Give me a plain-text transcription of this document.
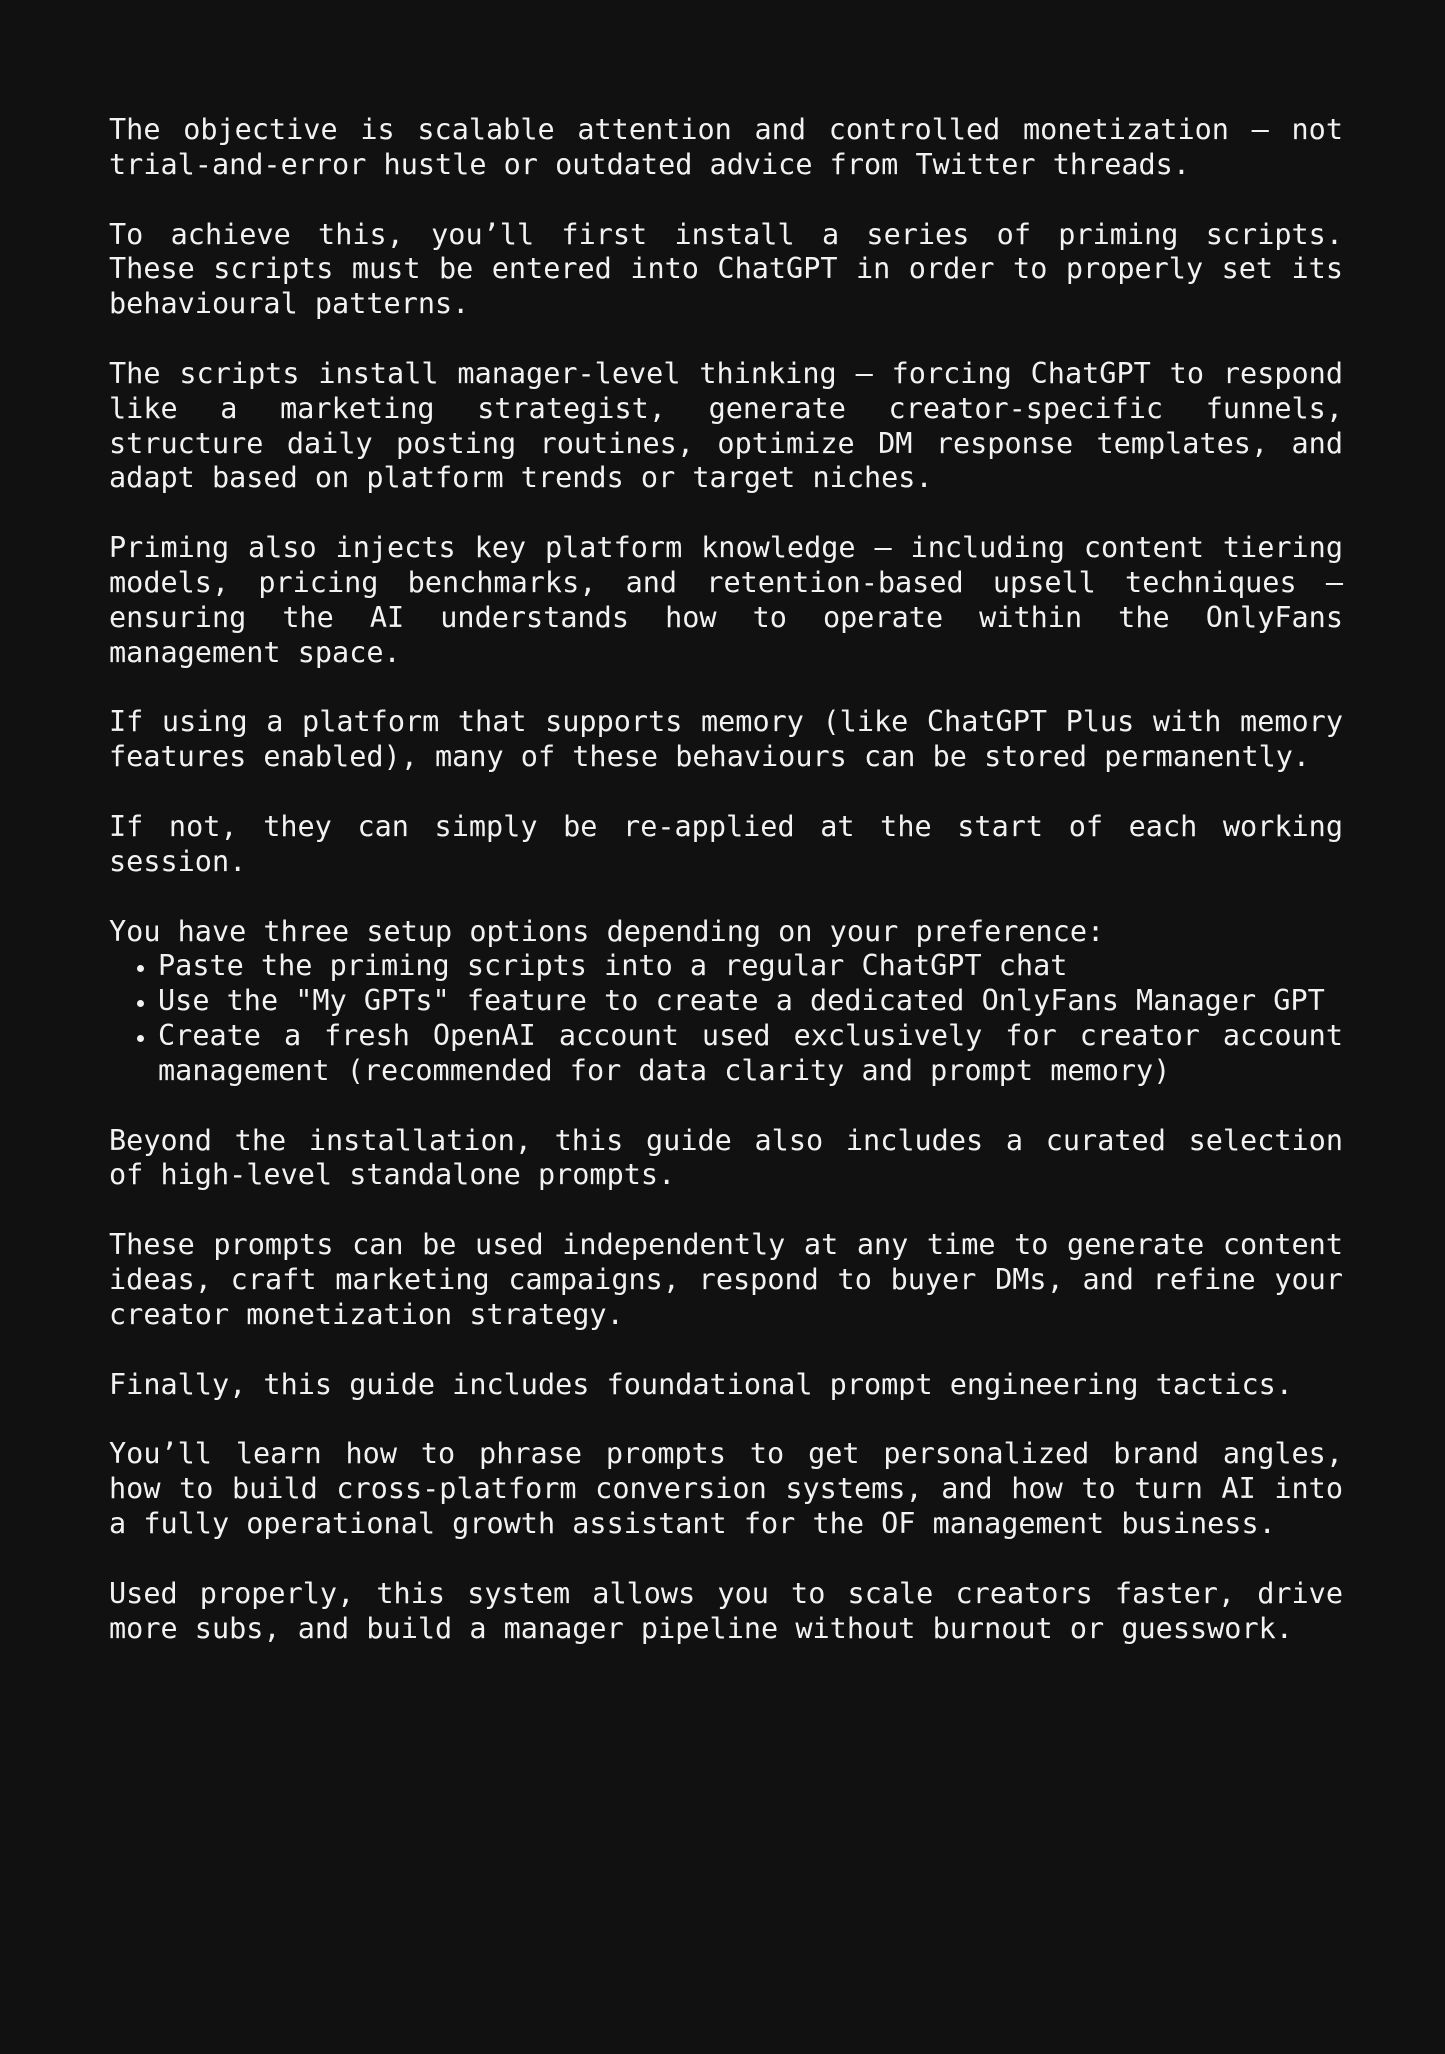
The objective is scalable attention and controlled monetization — not trial-and-error hustle or outdated advice from Twitter threads.

To achieve this, you’ll first install a series of priming scripts. These scripts must be entered into ChatGPT in order to properly set its behavioural patterns.

The scripts install manager-level thinking — forcing ChatGPT to respond like a marketing strategist, generate creator-specific funnels, structure daily posting routines, optimize DM response templates, and adapt based on platform trends or target niches.

Priming also injects key platform knowledge — including content tiering models, pricing benchmarks, and retention-based upsell techniques — ensuring the AI understands how to operate within the OnlyFans management space.

If using a platform that supports memory (like ChatGPT Plus with memory features enabled), many of these behaviours can be stored permanently.

If not, they can simply be re-applied at the start of each working session.

You have three setup options depending on your preference:

• Paste the priming scripts into a regular ChatGPT chat
• Use the "My GPTs" feature to create a dedicated OnlyFans Manager GPT
• Create a fresh OpenAI account used exclusively for creator account management (recommended for data clarity and prompt memory)

Beyond the installation, this guide also includes a curated selection of high-level standalone prompts.

These prompts can be used independently at any time to generate content ideas, craft marketing campaigns, respond to buyer DMs, and refine your creator monetization strategy.

Finally, this guide includes foundational prompt engineering tactics.

You’ll learn how to phrase prompts to get personalized brand angles, how to build cross-platform conversion systems, and how to turn AI into a fully operational growth assistant for the OF management business.

Used properly, this system allows you to scale creators faster, drive more subs, and build a manager pipeline without burnout or guesswork.
